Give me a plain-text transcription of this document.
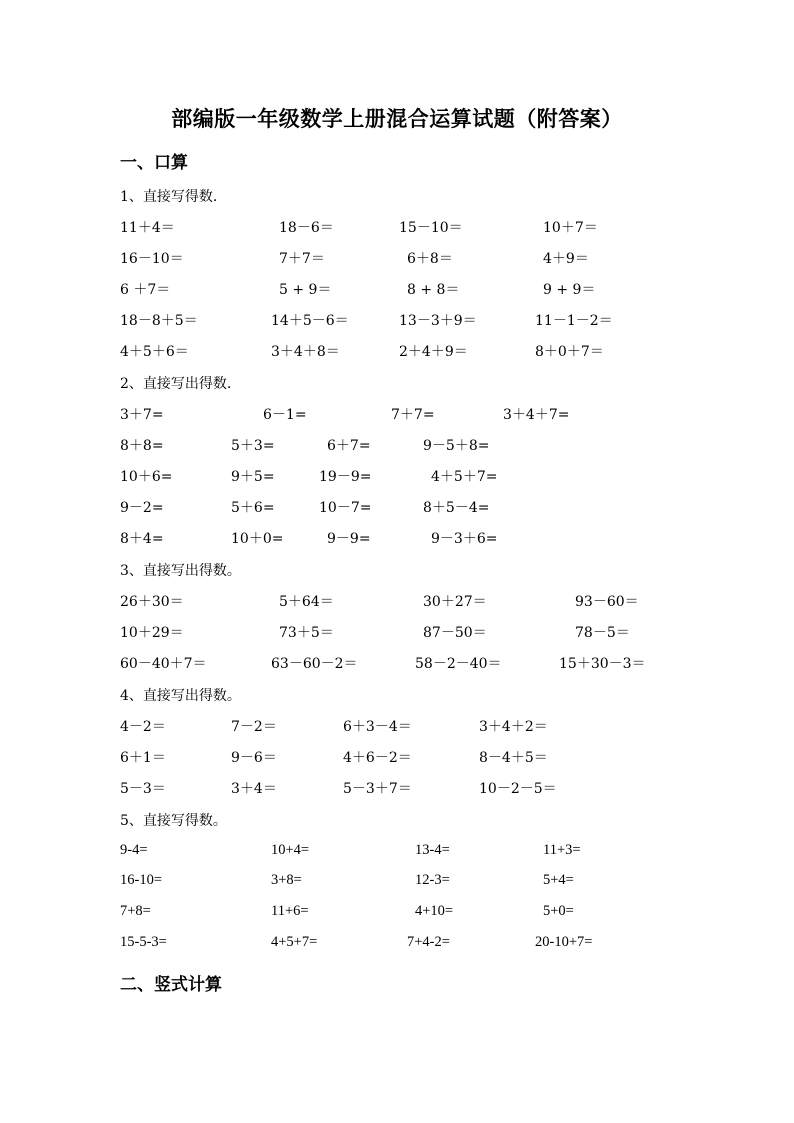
部编版一年级数学上册混合运算试题（附答案）
一、口算
1、直接写得数.
11＋4＝	18－6＝	15－10＝	10＋7＝
16－10＝	7＋7＝	6＋8＝	4＋9＝
6 ＋7＝	5 + 9＝	8 + 8＝	9 + 9＝
18－8＋5＝	14＋5－6＝	13－3＋9＝	11－1－2＝
4＋5＋6＝	3＋4＋8＝	2＋4＋9＝	8＋0＋7＝
2、直接写出得数.
3＋7=	6－1=	7＋7=	3＋4＋7=
8＋8=	5＋3=	6＋7=	9－5＋8=
10＋6=	9＋5=	19－9=	4＋5＋7=
9－2=	5＋6=	10－7=	8＋5－4=
8＋4=	10＋0=	9－9=	9－3＋6=
3、直接写出得数。
26＋30＝	5＋64＝	30＋27＝	93－60＝
10＋29＝	73＋5＝	87－50＝	78－5＝
60－40＋7＝	63－60－2＝	58－2－40＝	15＋30－3＝
4、直接写出得数。
4－2＝	7－2＝	6＋3－4＝	3＋4＋2＝
6＋1＝	9－6＝	4＋6－2＝	8－4＋5＝
5－3＝	3＋4＝	5－3＋7＝	10－2－5＝
5、直接写得数。
9-4=	10+4=	13-4=	11+3=
16-10=	3+8=	12-3=	5+4=
7+8=	11+6=	4+10=	5+0=
15-5-3=	4+5+7=	7+4-2=	20-10+7=
二、竖式计算
